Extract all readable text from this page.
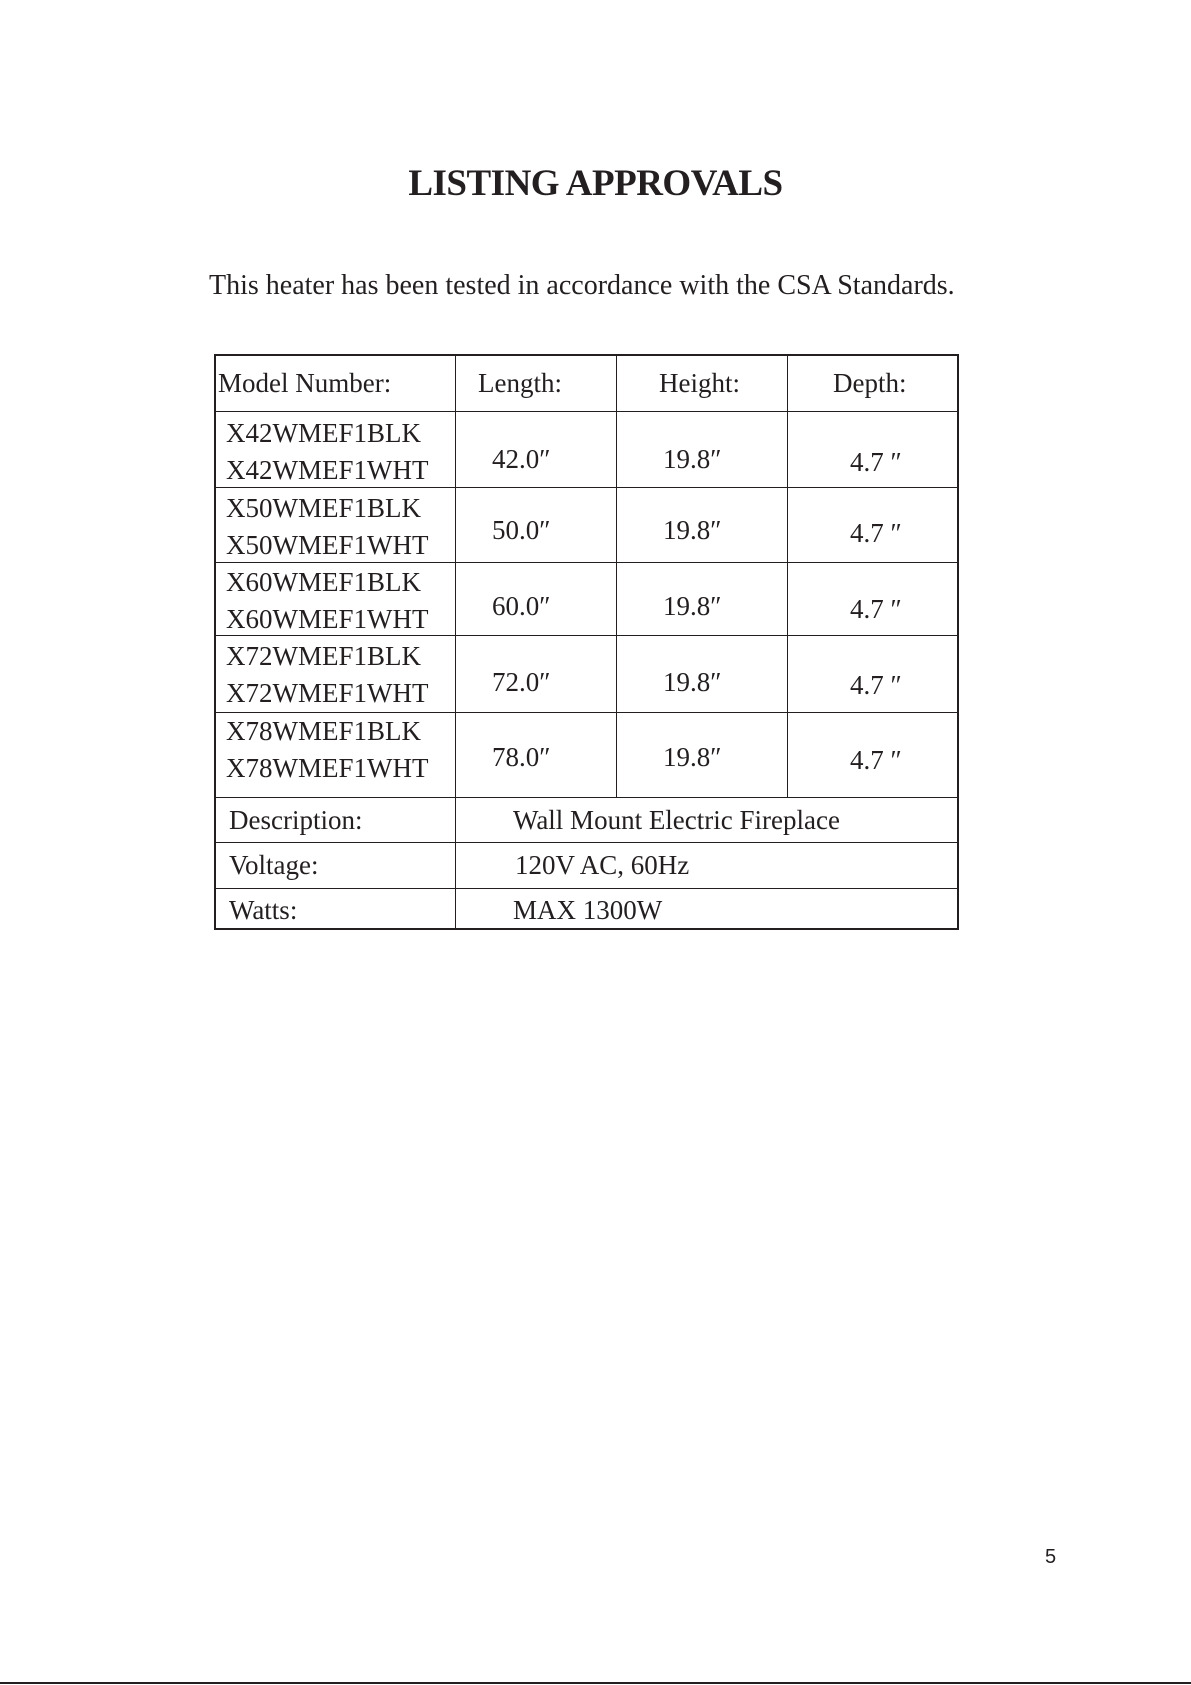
LISTING APPROVALS
This heater has been tested in accordance with the CSA Standards.
Model Number:	Length:	Height:	Depth:
X42WMEF1BLK
X42WMEF1WHT 42.0″	19.8″	4.7 ″
X50WMEF1BLK
X50WMEF1WHT 50.0″	19.8″	4.7 ″
X60WMEF1BLK
X60WMEF1WHT 60.0″	19.8″	4.7 ″
X72WMEF1BLK
X72WMEF1WHT 72.0″	19.8″	4.7 ″
X78WMEF1BLK
X78WMEF1WHT 78.0″	19.8″	4.7 ″
Description:	Wall Mount Electric Fireplace
Voltage:	120V AC, 60Hz
Watts:	MAX 1300W
5
